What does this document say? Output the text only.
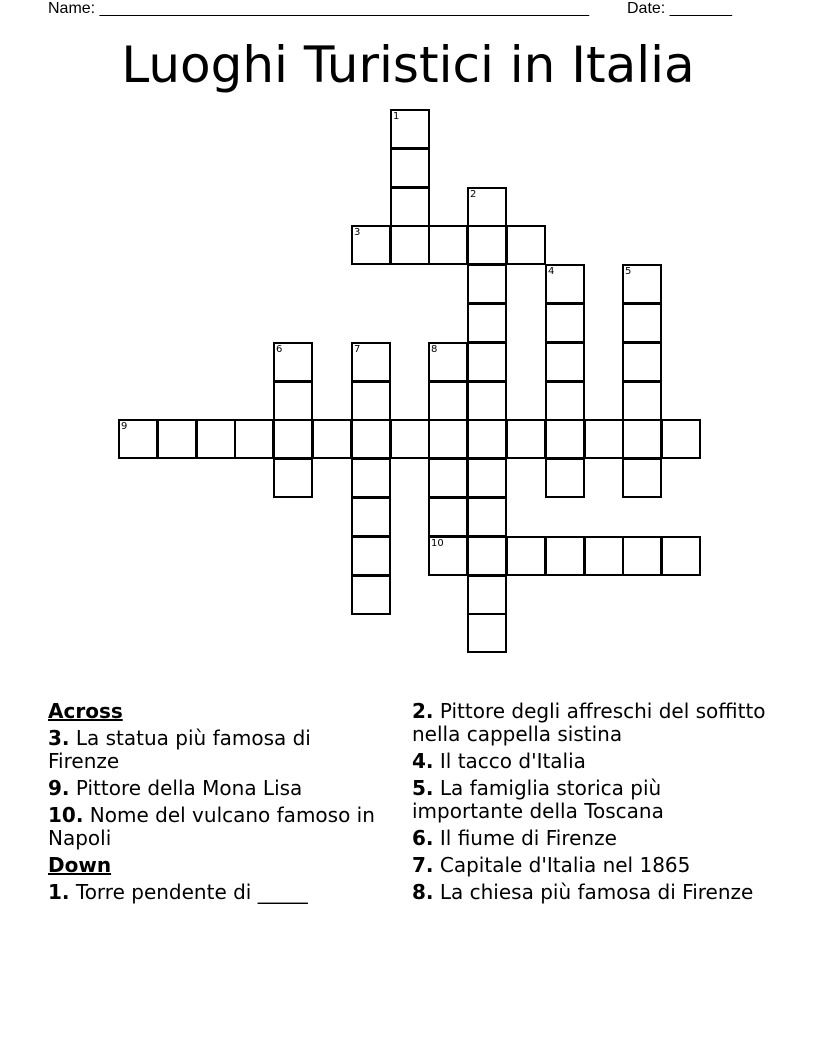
Name: _______________________________________________________ Date: _______
Luoghi Turistici in Italia
1
2
3
4	5
6	7	8
9
10
Across
3. La statua più famosa di Firenze
9. Pittore della Mona Lisa
10. Nome del vulcano famoso in Napoli
Down
1. Torre pendente di _____
2. Pittore degli affreschi del soffitto nella cappella sistina
4. Il tacco d'Italia
5. La famiglia storica più importante della Toscana
6. Il fiume di Firenze
7. Capitale d'Italia nel 1865
8. La chiesa più famosa di Firenze
